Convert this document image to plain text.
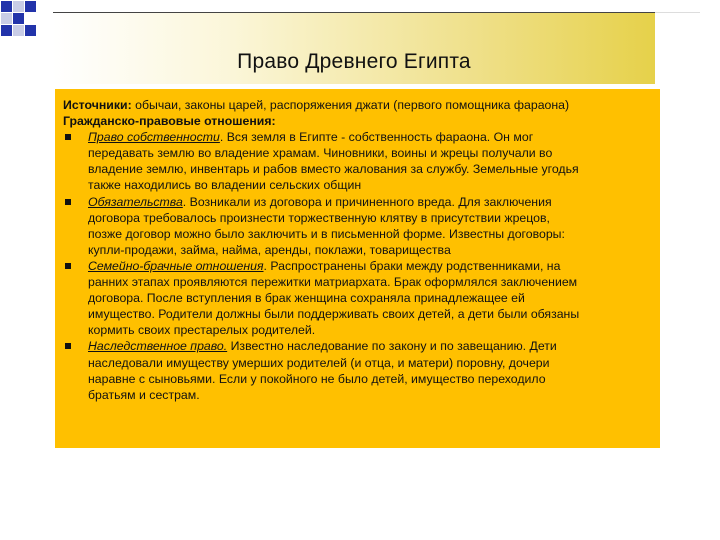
Право Древнего Египта
Источники: обычаи, законы царей, распоряжения джати (первого помощника фараона)
Гражданско-правовые отношения:
Право собственности. Вся земля в Египте - собственность фараона. Он мог
передавать землю во владение храмам. Чиновники, воины и жрецы получали во
владение землю, инвентарь и рабов вместо жалования за службу. Земельные угодья
также находились во владении сельских общин
Обязательства. Возникали из договора и причиненного вреда. Для заключения
договора требовалось произнести торжественную клятву в присутствии жрецов,
позже договор можно было заключить и в письменной форме. Известны договоры:
купли-продажи, займа, найма, аренды, поклажи, товарищества
Семейно-брачные отношения. Распространены браки между родственниками, на
ранних этапах проявляются пережитки матриархата. Брак оформлялся заключением
договора. После вступления в брак женщина сохраняла принадлежащее ей
имущество. Родители должны были поддерживать своих детей, а дети были обязаны
кормить своих престарелых родителей.
Наследственное право. Известно наследование по закону и по завещанию. Дети
наследовали имуществу умерших родителей (и отца, и матери) поровну, дочери
наравне с сыновьями. Если у покойного не было детей, имущество переходило
братьям и сестрам.
